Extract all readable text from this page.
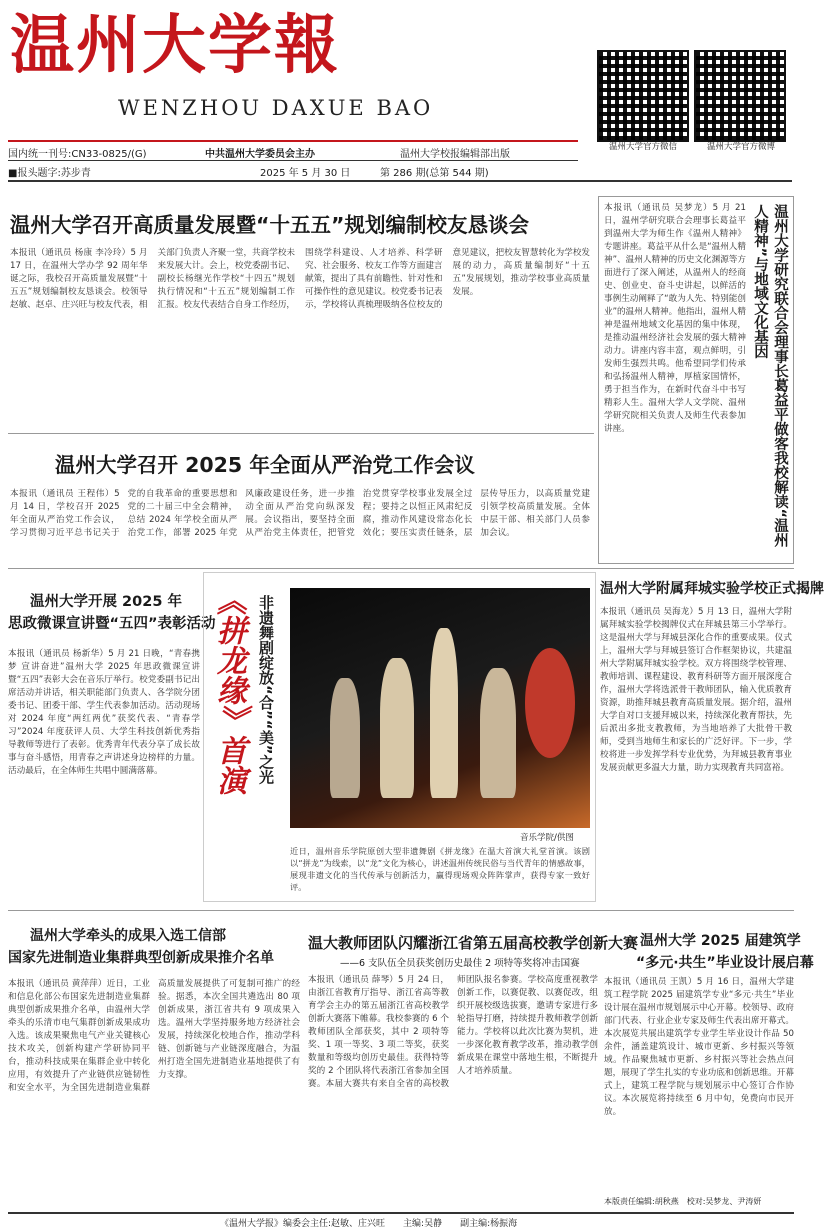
温州大学報
WENZHOU DAXUE BAO
温州大学官方微信	温州大学官方微博
国内统一刊号:CN33-0825/(G)	中共温州大学委员会主办	温州大学校报编辑部出版
■报头题字:苏步青	2025 年 5 月 30 日	第 286 期(总第 544 期)
温州大学召开高质量发展暨“十五五”规划编制校友恳谈会
本报讯（通讯员 杨康 李冷玲）5 月 17 日，在温州大学办学 92 周年华诞之际，我校召开高质量发展暨“十五五”规划编制校友恳谈会。校领导赵敏、赵卓、庄兴旺与校友代表，相关部门负责人齐聚一堂，共商学校未来发展大计。会上，校党委副书记、副校长杨继光作学校“十四五”规划执行情况和“十五五”规划编制工作汇报。校友代表结合自身工作经历，围绕学科建设、人才培养、科学研究、社会服务、校友工作等方面建言献策，提出了具有前瞻性、针对性和可操作性的意见建议。校党委书记表示，学校将认真梳理吸纳各位校友的意见建议，把校友智慧转化为学校发展的动力，高质量编制好“十五五”发展规划，推动学校事业高质量发展。
温州大学召开 2025 年全面从严治党工作会议
本报讯（通讯员 王程伟）5 月 14 日，学校召开 2025 年全面从严治党工作会议，学习贯彻习近平总书记关于党的自我革命的重要思想和党的二十届三中全会精神，总结 2024 年学校全面从严治党工作，部署 2025 年党风廉政建设任务，进一步推动全面从严治党向纵深发展。会议指出，要坚持全面从严治党主体责任，把管党治党贯穿学校事业发展全过程；要持之以恒正风肃纪反腐，推动作风建设常态化长效化；要压实责任链条，层层传导压力，以高质量党建引领学校高质量发展。全体中层干部、相关部门人员参加会议。
本报讯（通讯员 吴梦龙）5 月 21 日，温州学研究联合会理事长葛益平到温州大学为师生作《温州人精神》专题讲座。葛益平从什么是“温州人精神”、温州人精神的历史文化渊源等方面进行了深入阐述，从温州人的经商史、创业史、奋斗史讲起，以鲜活的事例生动阐释了“敢为人先、特别能创业”的温州人精神。他指出，温州人精神是温州地域文化基因的集中体现，是推动温州经济社会发展的强大精神动力。讲座内容丰富，观点鲜明，引发师生强烈共鸣。他希望同学们传承和弘扬温州人精神，厚植家国情怀，勇于担当作为，在新时代奋斗中书写精彩人生。温州大学人文学院、温州学研究院相关负责人及师生代表参加讲座。	温州大学研究联合会理事长葛益平做客我校解读“温州人精神”与地域文化基因
温州大学开展 2025 年
思政微课宣讲暨“五四”表彰活动
本报讯（通讯员 杨新华）5 月 21 日晚，“青春携梦 宣讲奋进”温州大学 2025 年思政微课宣讲暨“五四”表彰大会在音乐厅举行。校党委副书记出席活动并讲话，相关职能部门负责人、各学院分团委书记、团委干部、学生代表参加活动。活动现场对 2024 年度“两红两优”获奖代表、“青春学习”2024 年度获评人员、大学生科技创新优秀指导教师等进行了表彰。优秀青年代表分享了成长故事与奋斗感悟，用青春之声讲述身边榜样的力量。活动最后，在全体师生共唱中圆满落幕。	《拼龙缘》首演 非遗舞剧绽放“合”“美”之光
音乐学院/供图
近日，温州音乐学院原创大型非遗舞剧《拼龙缘》在温大首演大礼堂首演。该剧以“拼龙”为线索，以“龙”文化为核心，讲述温州传统民俗与当代青年的情感故事，展现非遗文化的当代传承与创新活力，赢得现场观众阵阵掌声，获得专家一致好评。
温州大学附属拜城实验学校正式揭牌
本报讯（通讯员 吴海龙）5 月 13 日，温州大学附属拜城实验学校揭牌仪式在拜城县第三小学举行。这是温州大学与拜城县深化合作的重要成果。仪式上，温州大学与拜城县签订合作框架协议，共建温州大学附属拜城实验学校。双方将围绕学校管理、教师培训、课程建设、教育科研等方面开展深度合作，温州大学将选派骨干教师团队，输入优质教育资源，助推拜城县教育高质量发展。据介绍，温州大学自对口支援拜城以来，持续深化教育帮扶，先后派出多批支教教师，为当地培养了大批骨干教师，受到当地师生和家长的广泛好评。下一步，学校将进一步发挥学科专业优势，为拜城县教育事业发展贡献更多温大力量，助力实现教育共同富裕。
温州大学牵头的成果入选工信部
国家先进制造业集群典型创新成果推介名单
本报讯（通讯员 黄萍萍）近日，工业和信息化部公布国家先进制造业集群典型创新成果推介名单，由温州大学牵头的乐清市电气集群创新成果成功入选。该成果聚焦电气产业关键核心技术攻关，创新构建产学研协同平台，推动科技成果在集群企业中转化应用，有效提升了产业链供应链韧性和安全水平，为全国先进制造业集群高质量发展提供了可复制可推广的经验。据悉，本次全国共遴选出 80 项创新成果，浙江省共有 9 项成果入选。温州大学坚持服务地方经济社会发展，持续深化校地合作，推动学科链、创新链与产业链深度融合，为温州打造全国先进制造业基地提供了有力支撑。
温大教师团队闪耀浙江省第五届高校教学创新大赛
——6 支队伍全员获奖创历史最佳 2 项特等奖将冲击国赛
本报讯（通讯员 薛琴）5 月 24 日，由浙江省教育厅指导、浙江省高等教育学会主办的第五届浙江省高校教学创新大赛落下帷幕。我校参赛的 6 个教师团队全部获奖，其中 2 项特等奖、1 项一等奖、3 项二等奖，获奖数量和等级均创历史最佳。获得特等奖的 2 个团队将代表浙江省参加全国赛。本届大赛共有来自全省的高校教师团队报名参赛。学校高度重视教学创新工作，以赛促教、以赛促改，组织开展校级选拔赛，邀请专家进行多轮指导打磨，持续提升教师教学创新能力。学校将以此次比赛为契机，进一步深化教育教学改革，推动教学创新成果在课堂中落地生根，不断提升人才培养质量。
温州大学 2025 届建筑学
“多元·共生”毕业设计展启幕
本报讯（通讯员 王凯）5 月 16 日，温州大学建筑工程学院 2025 届建筑学专业“多元·共生”毕业设计展在温州市规划展示中心开幕。校领导、政府部门代表、行业企业专家及师生代表出席开幕式。本次展览共展出建筑学专业学生毕业设计作品 50 余件，涵盖建筑设计、城市更新、乡村振兴等领域。作品聚焦城市更新、乡村振兴等社会热点问题，展现了学生扎实的专业功底和创新思维。开幕式上，建筑工程学院与规划展示中心签订合作协议。本次展览将持续至 6 月中旬，免费向市民开放。
本版责任编辑:胡秋燕　校对:吴梦龙、尹涛妍
《温州大学报》编委会主任:赵敏、庄兴旺　　主编:吴静　　副主编:杨振海
